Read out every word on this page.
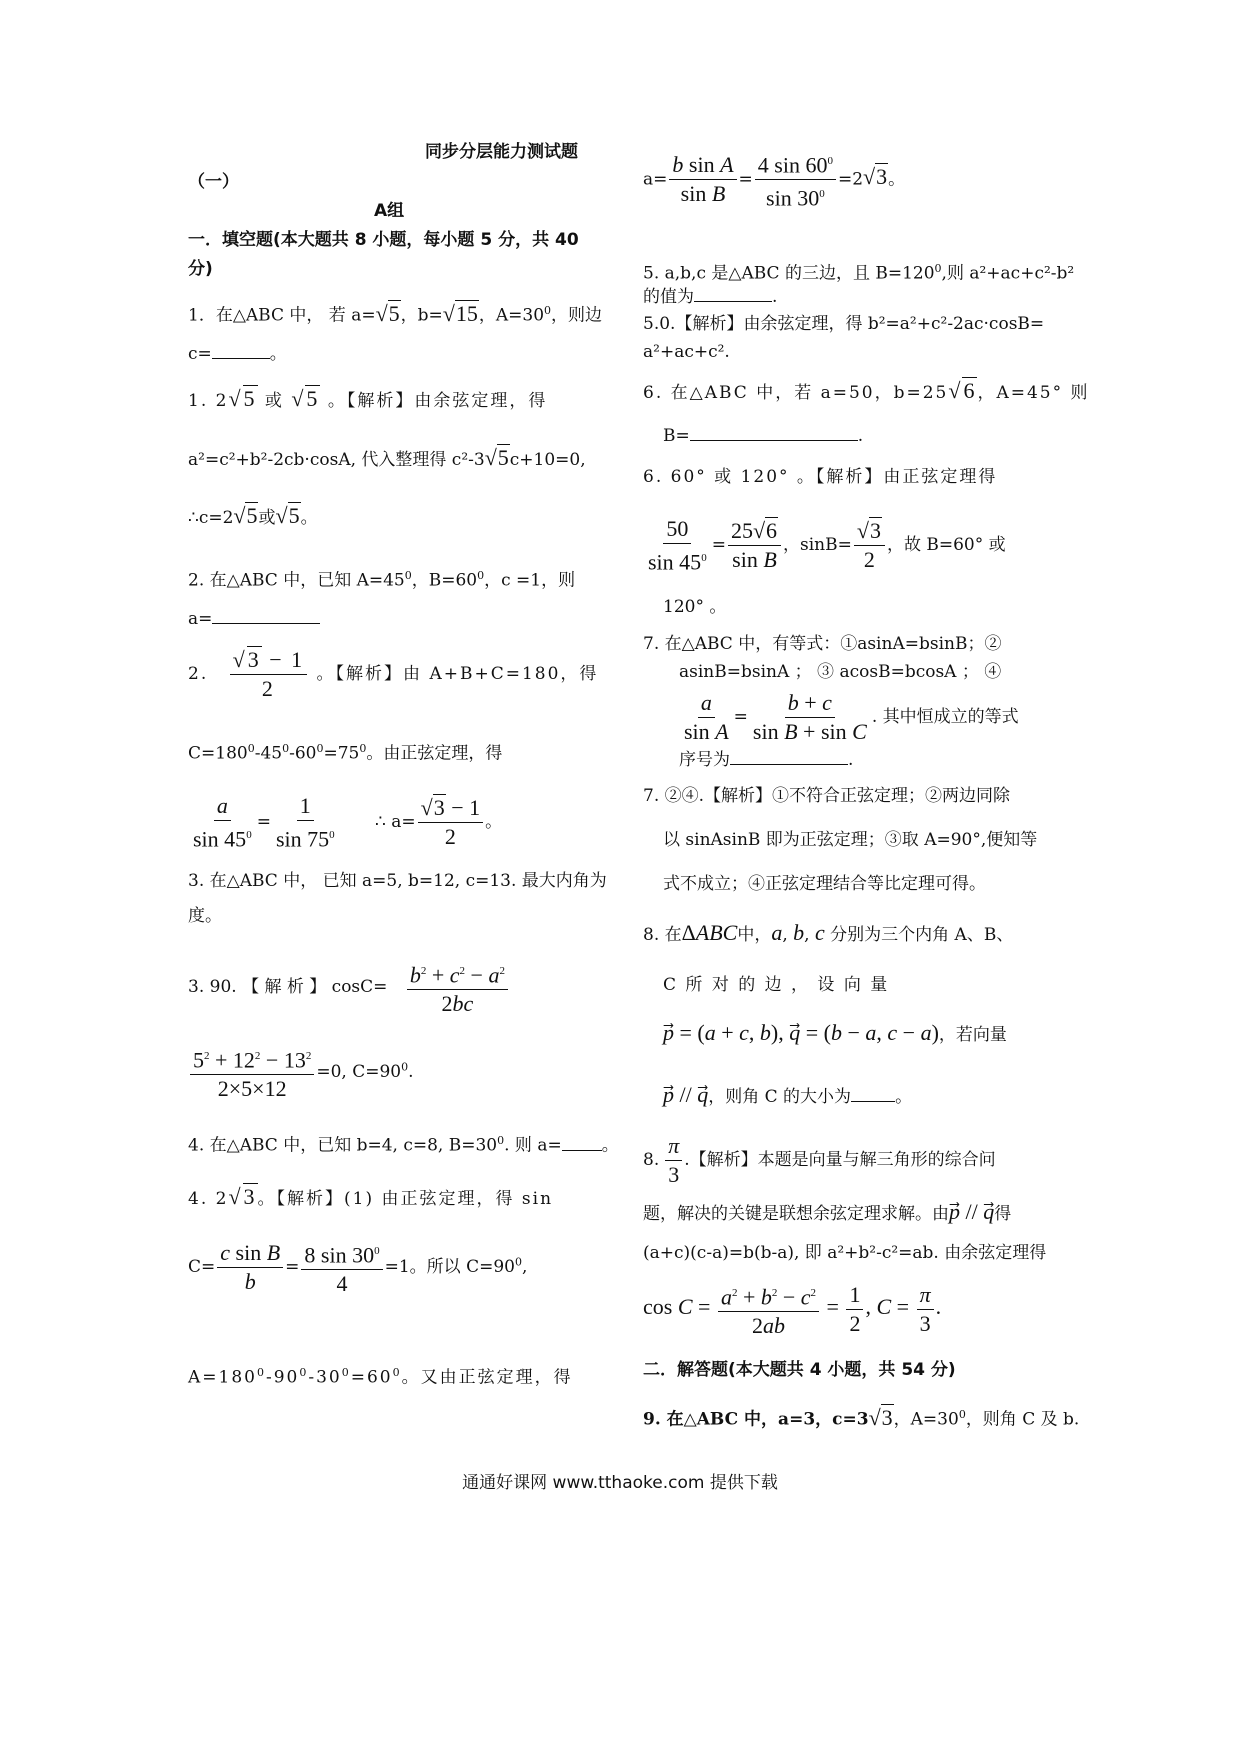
同步分层能力测试题
（一）
A组
一．填空题(本大题共 8 小题，每小题 5 分，共 40
分)
1．在△ABC 中， 若 a=√5，b=√15，$A=30^0$，则边
c=	。
1. 2√5 或 √5 。【解析】由余弦定理，得
a²=c²+b²-2cb·cosA, 代入整理得 c²-3√5c+10=0,
∴c=2√5或√5。
2. 在△ABC 中，已知 $A=45^0$，$B=60^0$，c =1，则
a=
2. $\frac{√3 - 1}{2}$ 。【解析】由 A+B+C=180，得
$C=180^0-45^0-60^0=75^0$。由正弦定理，得
$\frac{a}{\sin 45^0} = \frac{1}{\sin 75^0}$ ∴ $a= \frac{√3 - 1}{2}$ 。
3. 在△ABC 中， 已知 a=5, b=12, c=13. 最大内角为
度。
3. 90. 【 解 析 】 $\cos C= \frac{b^2 + c^2 - a^2}{2bc}$
$\frac{5^2 + 12^2 - 13^2}{2\times 5\times 12} =0$, $C=90^0$.
4. 在△ABC 中，已知 b=4, c=8, $B=30^0$. 则 a= 。
4. 2√3。【解析】(1) 由正弦定理，得 sin
$C= \frac{\text{c sin B}}{b} = \frac{8 \sin 30^0}{4} =1$。所以 $C=90^0$,
$A=180^0-90^0-30^0=60^0$。又由正弦定理，得
$a= \frac{\text{b sin A}}{\text{sin B}} = \frac{4 \sin 60^0}{\sin 30^0} =2√3$。
5. a,b,c 是△ABC 的三边，且 $B=120^0$,则 a²+ac+c²-b²
的值为	.
5.0.【解析】由余弦定理，得 b²=a²+c²-2ac·cosB=
a²+ac+c².
6. 在△ABC 中，若 a=50，b=25√6，A=45° 则
B=	.
6. 60° 或 120° 。【解析】由正弦定理得
$\frac{50}{\sin 45^0} = \frac{25√6}{\text{sin B}}$ ，$\sin B= \frac{√3}{2}$ ，故 B=60° 或
120° 。
7. 在△ABC 中，有等式：①asinA=bsinB；②
asinB=bsinA ； ③ acosB=bcosA ； ④
$\frac{a}{\text{sin A}} = \frac{b + c}{\text{sin B + sin C}}$ . 其中恒成立的等式
序号为	.
7. ②④.【解析】①不符合正弦定理；②两边同除
以 sinAsinB 即为正弦定理；③取 A=90°,便知等
式不成立；④正弦定理结合等比定理可得。
8. 在ΔABC中，a, b, c 分别为三个内角 A、B、
C 所 对 的 边 ， 设 向 量
p⃗ = (a + c, b), q⃗ = (b − a, c − a)，若向量
p⃗ // q，则角 C 的大小为	。
8. $\frac{\pi}{3}$ .【解析】本题是向量与解三角形的综合问
题，解决的关键是联想余弦定理求解。由p⃗ // q得
(a+c)(c-a)=b(b-a), 即 a²+b²-c²=ab. 由余弦定理得
$\cos C = \frac{a^2 + b^2 - c^2}{2ab} = \frac{1}{2}$ , $C = \frac{\pi}{3}$ .
二．解答题(本大题共 4 小题，共 54 分)
9. 在△ABC 中，a=3，c=3√3，$A=30^0$，则角 C 及 b.
通通好课网 www.tthaoke.com 提供下载
